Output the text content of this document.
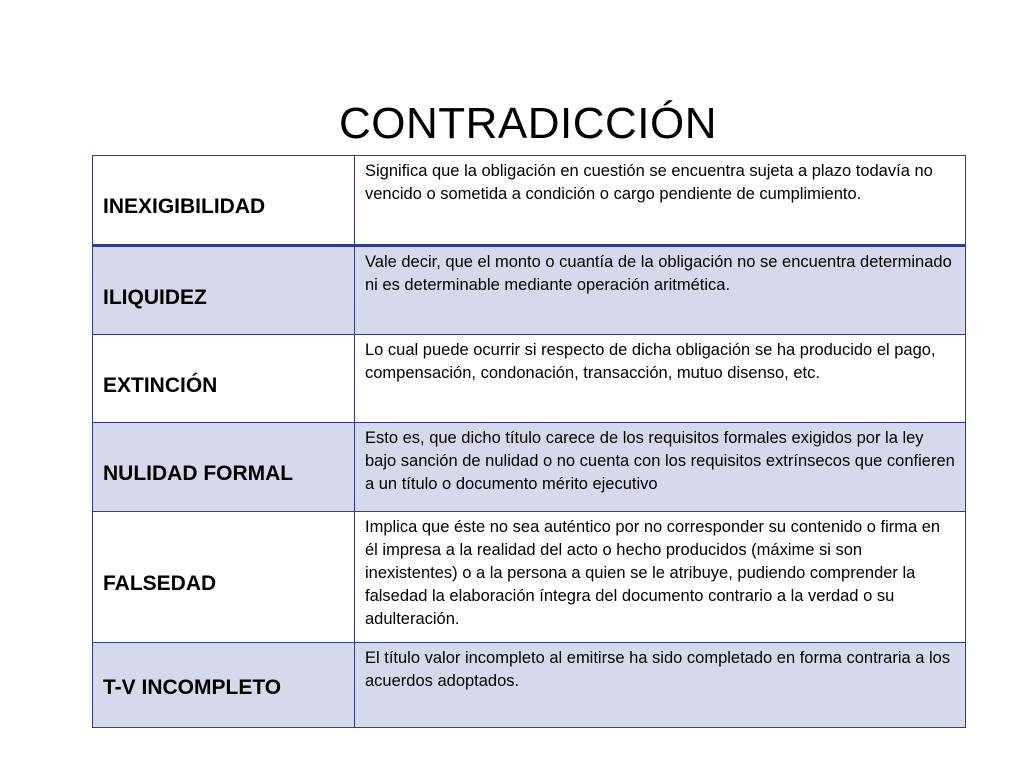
CONTRADICCIÓN
INEXIGIBILIDAD	Significa que la obligación en cuestión se encuentra sujeta a plazo todavía no vencido o sometida a condición o cargo pendiente de cumplimiento.
ILIQUIDEZ	Vale decir, que el monto o cuantía de la obligación no se encuentra determinado ni es determinable mediante operación aritmética.
EXTINCIÓN	Lo cual puede ocurrir si respecto de dicha obligación se ha producido el pago, compensación, condonación, transacción, mutuo disenso, etc.
NULIDAD FORMAL	Esto es, que dicho título carece de los requisitos formales exigidos por la ley bajo sanción de nulidad o no cuenta con los requisitos extrínsecos que confieren a un título o documento mérito ejecutivo
FALSEDAD	Implica que éste no sea auténtico por no corresponder su contenido o firma en él impresa a la realidad del acto o hecho producidos (máxime si son inexistentes) o a la persona a quien se le atribuye, pudiendo comprender la falsedad la elaboración íntegra del documento contrario a la verdad o su adulteración.
T-V INCOMPLETO	El título valor incompleto al emitirse ha sido completado en forma contraria a los acuerdos adoptados.
